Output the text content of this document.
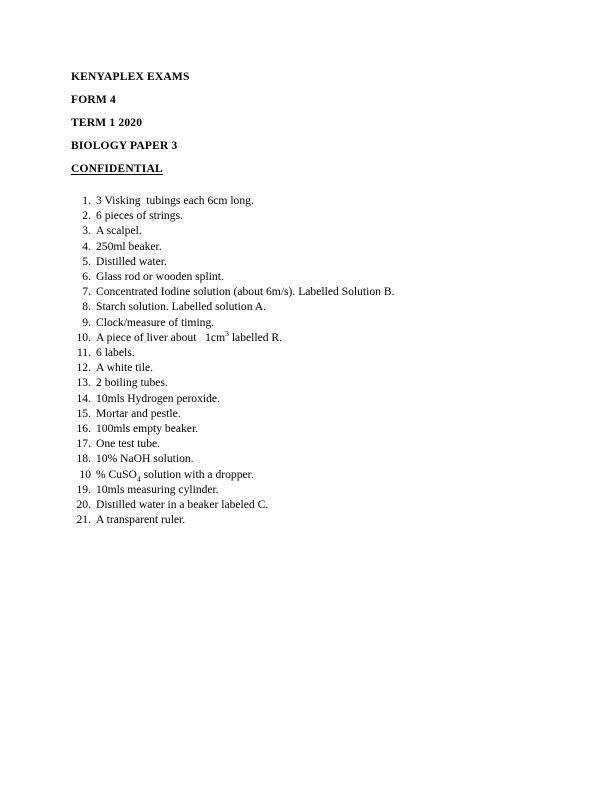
KENYAPLEX EXAMS
FORM 4
TERM 1 2020
BIOLOGY PAPER 3
CONFIDENTIAL
1. 3 Visking  tubings each 6cm long.
2. 6 pieces of strings.
3. A scalpel.
4. 250ml beaker.
5. Distilled water.
6. Glass rod or wooden splint.
7. Concentrated Iodine solution (about 6m/s). Labelled Solution B.
8. Starch solution. Labelled solution A.
9. Clock/measure of timing.
10. A piece of liver about   $1cm^3$ labelled R.
11. 6 labels.
12. A white tile.
13. 2 boiling tubes.
14. 10mls Hydrogen peroxide.
15. Mortar and pestle.
16. 100mls empty beaker.
17. One test tube.
18. 10% NaOH solution.
10 % CuSO$_4$ solution with a dropper.
19. 10mls measuring cylinder.
20. Distilled water in a beaker labeled C.
21. A transparent ruler.
